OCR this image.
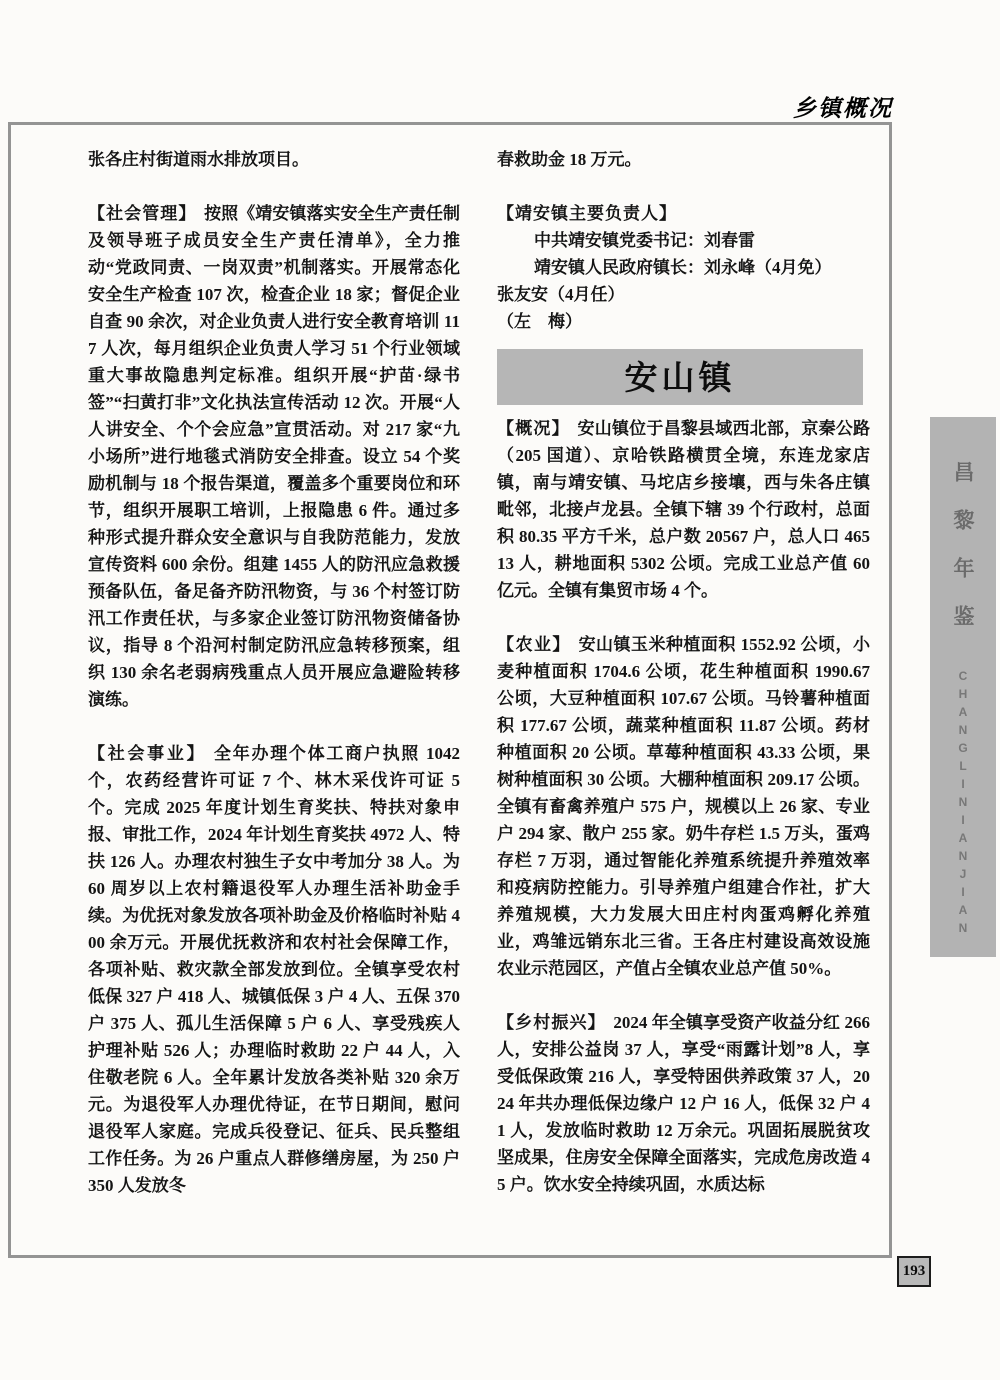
乡镇概况

张各庄村街道雨水排放项目。

【社会管理】 按照《靖安镇落实安全生产责任制及领导班子成员安全生产责任清单》，全力推动“党政同责、一岗双责”机制落实。开展常态化安全生产检查 107 次，检查企业 18 家；督促企业自查 90 余次，对企业负责人进行安全教育培训 117 人次，每月组织企业负责人学习 51 个行业领域重大事故隐患判定标准。组织开展“护苗·绿书签”“扫黄打非”文化执法宣传活动 12 次。开展“人人讲安全、个个会应急”宣贯活动。对 217 家“九小场所”进行地毯式消防安全排查。设立 54 个奖励机制与 18 个报告渠道，覆盖多个重要岗位和环节，组织开展职工培训，上报隐患 6 件。通过多种形式提升群众安全意识与自我防范能力，发放宣传资料 600 余份。组建 1455 人的防汛应急救援预备队伍，备足备齐防汛物资，与 36 个村签订防汛工作责任状，与多家企业签订防汛物资储备协议，指导 8 个沿河村制定防汛应急转移预案，组织 130 余名老弱病残重点人员开展应急避险转移演练。

【社会事业】 全年办理个体工商户执照 1042 个，农药经营许可证 7 个、林木采伐许可证 5 个。完成 2025 年度计划生育奖扶、特扶对象申报、审批工作，2024 年计划生育奖扶 4972 人、特扶 126 人。办理农村独生子女中考加分 38 人。为 60 周岁以上农村籍退役军人办理生活补助金手续。为优抚对象发放各项补助金及价格临时补贴 400 余万元。开展优抚救济和农村社会保障工作，各项补贴、救灾款全部发放到位。全镇享受农村低保 327 户 418 人、城镇低保 3 户 4 人、五保 370 户 375 人、孤儿生活保障 5 户 6 人、享受残疾人护理补贴 526 人；办理临时救助 22 户 44 人，入住敬老院 6 人。全年累计发放各类补贴 320 余万元。为退役军人办理优待证，在节日期间，慰问退役军人家庭。完成兵役登记、征兵、民兵整组工作任务。为 26 户重点人群修缮房屋，为 250 户 350 人发放冬

春救助金 18 万元。

【靖安镇主要负责人】

中共靖安镇党委书记：刘春雷

靖安镇人民政府镇长：刘永峰（4月免）

张友安（4月任）

（左　梅）

安山镇

【概况】 安山镇位于昌黎县域西北部，京秦公路（205 国道）、京哈铁路横贯全境，东连龙家店镇，南与靖安镇、马坨店乡接壤，西与朱各庄镇毗邻，北接卢龙县。全镇下辖 39 个行政村，总面积 80.35 平方千米，总户数 20567 户，总人口 46513 人，耕地面积 5302 公顷。完成工业总产值 60 亿元。全镇有集贸市场 4 个。

【农业】 安山镇玉米种植面积 1552.92 公顷，小麦种植面积 1704.6 公顷，花生种植面积 1990.67 公顷，大豆种植面积 107.67 公顷。马铃薯种植面积 177.67 公顷，蔬菜种植面积 11.87 公顷。药材种植面积 20 公顷。草莓种植面积 43.33 公顷，果树种植面积 30 公顷。大棚种植面积 209.17 公顷。全镇有畜禽养殖户 575 户，规模以上 26 家、专业户 294 家、散户 255 家。奶牛存栏 1.5 万头，蛋鸡存栏 7 万羽，通过智能化养殖系统提升养殖效率和疫病防控能力。引导养殖户组建合作社，扩大养殖规模，大力发展大田庄村肉蛋鸡孵化养殖业，鸡雏远销东北三省。王各庄村建设高效设施农业示范园区，产值占全镇农业总产值 50%。

【乡村振兴】 2024 年全镇享受资产收益分红 266 人，安排公益岗 37 人，享受“雨露计划”8 人，享受低保政策 216 人，享受特困供养政策 37 人，2024 年共办理低保边缘户 12 户 16 人，低保 32 户 41 人，发放临时救助 12 万余元。巩固拓展脱贫攻坚成果，住房安全保障全面落实，完成危房改造 45 户。饮水安全持续巩固，水质达标

昌黎年鉴
CHANGLINIANJIAN
193
